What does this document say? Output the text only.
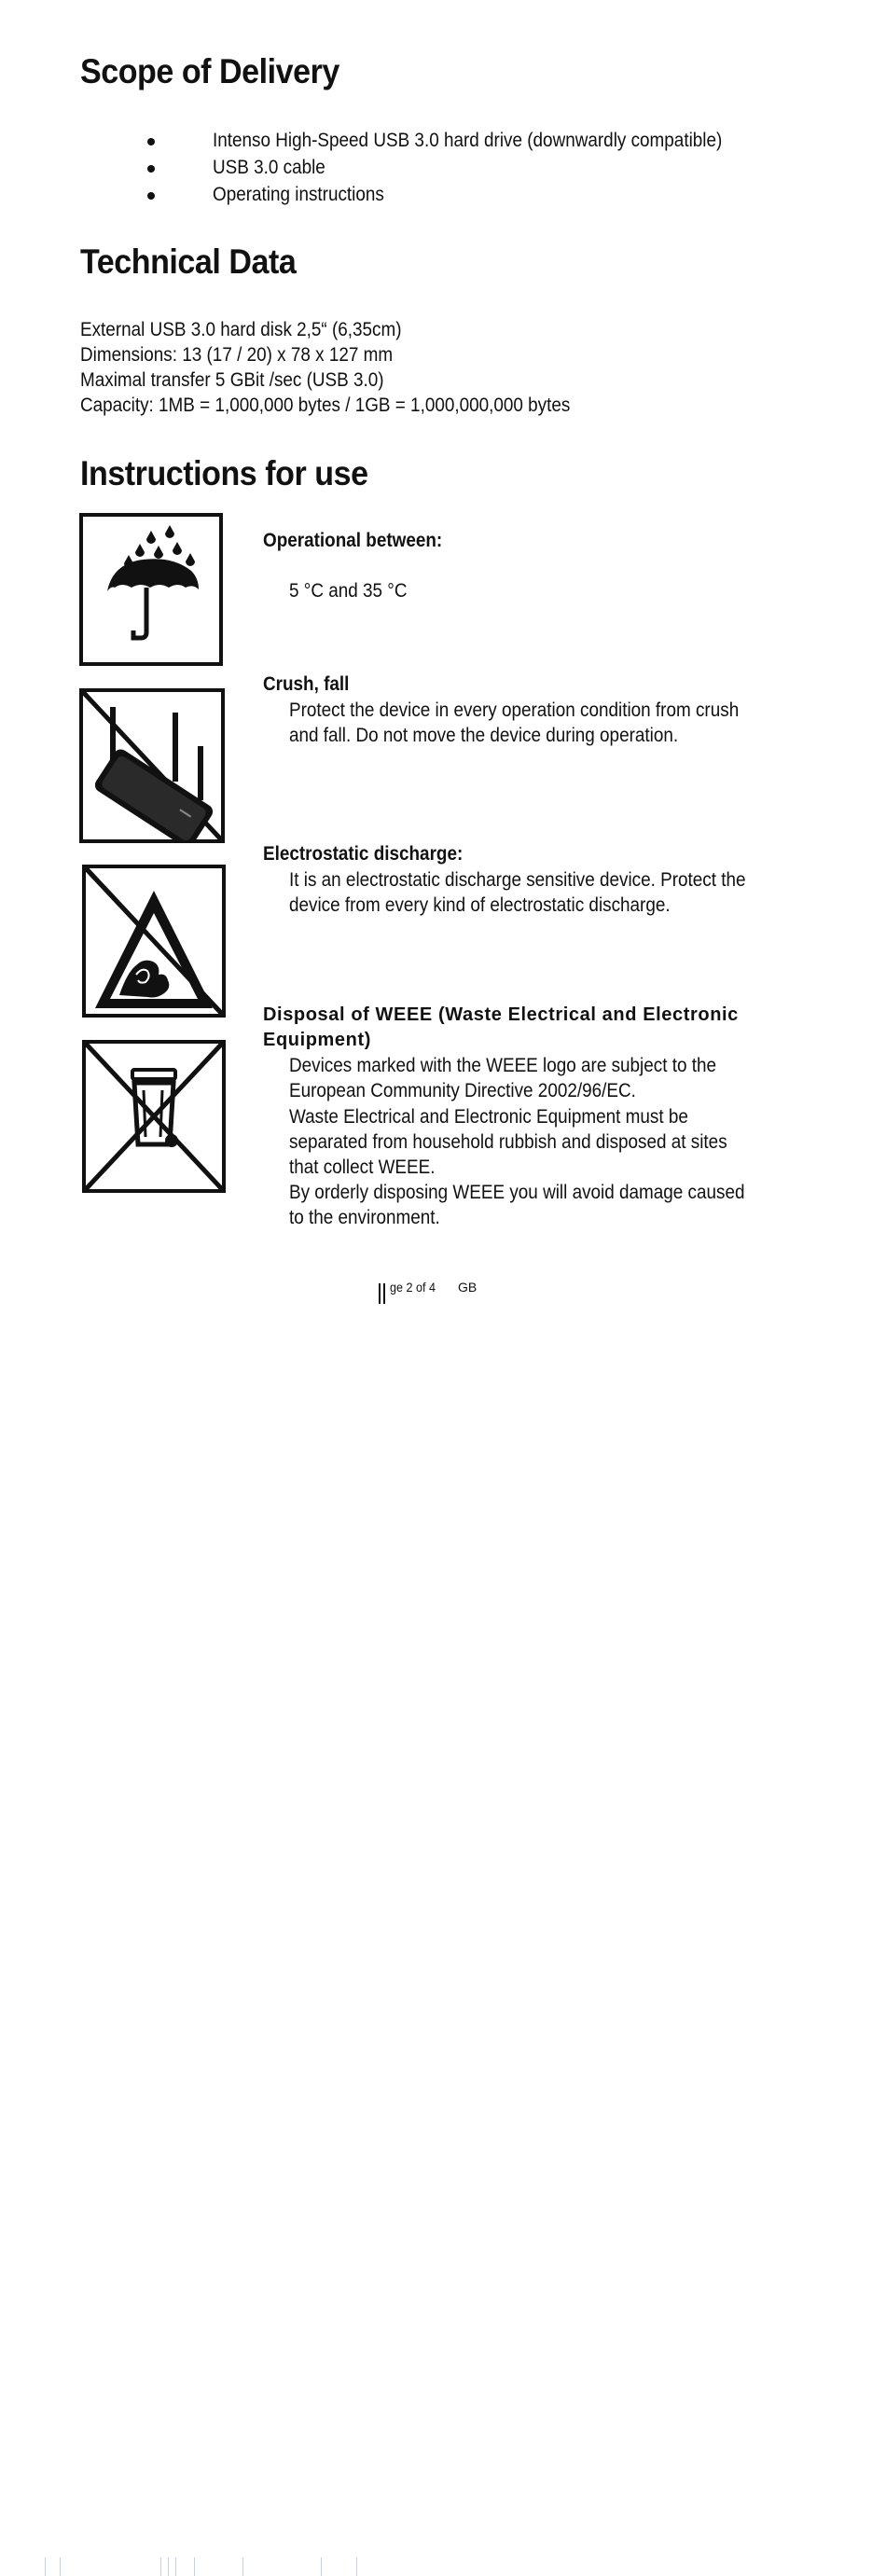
Scope of Delivery
Intenso High-Speed USB 3.0 hard drive (downwardly compatible)
USB 3.0 cable
Operating instructions
Technical Data
External USB 3.0 hard disk 2,5“ (6,35cm)
Dimensions: 13 (17 / 20) x 78 x 127 mm
Maximal transfer 5 GBit /sec (USB 3.0)
Capacity: 1MB = 1,000,000 bytes / 1GB = 1,000,000,000 bytes
Instructions for use
Operational between:
5 °C and 35 °C
Crush, fall
Protect the device in every operation condition from crush
and fall. Do not move the device during operation.
Electrostatic discharge:
It is an electrostatic discharge sensitive device. Protect the
device from every kind of electrostatic discharge.
Disposal of WEEE (Waste Electrical and Electronic
Equipment)
Devices marked with the WEEE logo are subject to the
European Community Directive 2002/96/EC.
Waste Electrical and Electronic Equipment must be
separated from household rubbish and disposed at sites
that collect WEEE.
By orderly disposing WEEE you will avoid damage caused
to the environment.
ge 2 of 4 GB
